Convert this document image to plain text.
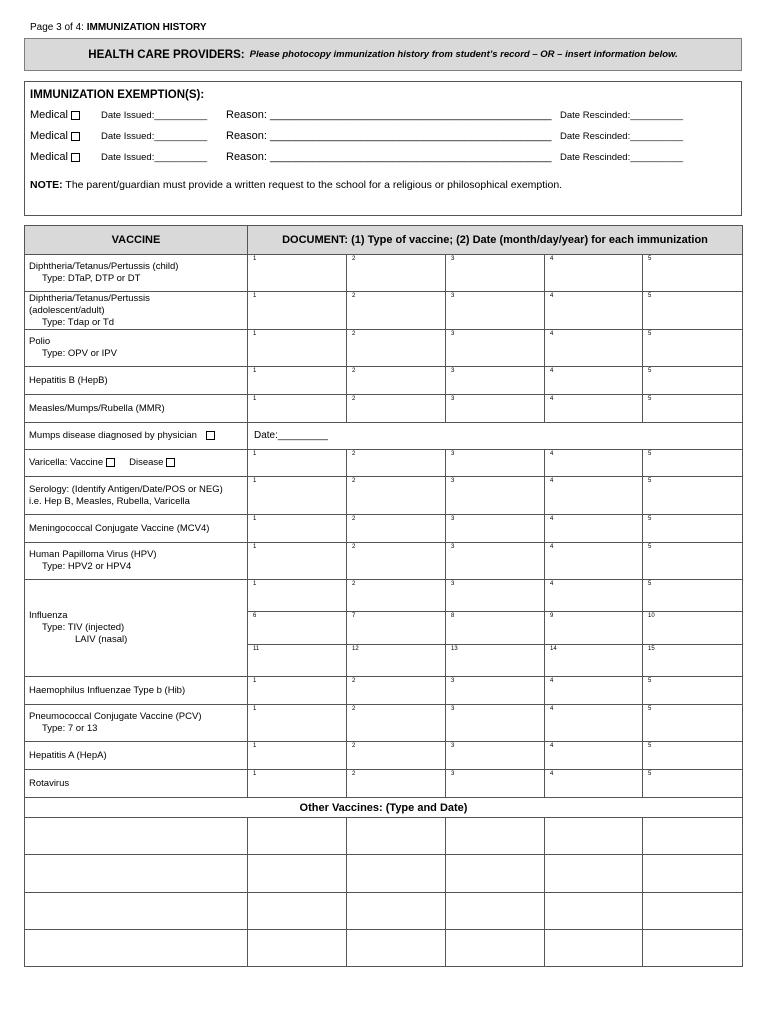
Page 3 of 4: IMMUNIZATION HISTORY
HEALTH CARE PROVIDERS: Please photocopy immunization history from student’s record – OR – insert information below.
IMMUNIZATION EXEMPTION(S):
Medical	Date Issued:__________ Reason: ______________________________________________ Date Rescinded:__________
Medical	Date Issued:__________ Reason: ______________________________________________ Date Rescinded:__________
Medical	Date Issued:__________ Reason: ______________________________________________ Date Rescinded:__________
NOTE: The parent/guardian must provide a written request to the school for a religious or philosophical exemption.
VACCINE	DOCUMENT: (1) Type of vaccine; (2) Date (month/day/year) for each immunization				

Diphtheria/Tetanus/Pertussis (child)
Type: DTaP, DTP or DT	1	2	3	4	5

Diphtheria/Tetanus/Pertussis
(adolescent/adult)
Type: Tdap or Td	1	2	3	4	5

Polio
Type: OPV or IPV	1	2	3	4	5

Hepatitis B (HepB)	1	2	3	4	5

Measles/Mumps/Rubella (MMR)	1	2	3	4	5
Mumps disease diagnosed by physician	Date:_________				
Varicella: Vaccine Disease	1	2	3	4	5

Serology: (Identify Antigen/Date/POS or NEG)
i.e. Hep B, Measles, Rubella, Varicella	1	2	3	4	5

Meningococcal Conjugate Vaccine (MCV4)	1	2	3	4	5

Human Papilloma Virus (HPV)
Type: HPV2 or HPV4	1	2	3	4	5

Influenza
Type: TIV (injected)
LAIV (nasal)	1	2	3	4	5
	6	7	8	9	10
	11	12	13	14	15

Haemophilus Influenzae Type b (Hib)	1	2	3	4	5

Pneumococcal Conjugate Vaccine (PCV)
Type: 7 or 13	1	2	3	4	5

Hepatitis A (HepA)	1	2	3	4	5

Rotavirus	1	2	3	4	5
Other Vaccines: (Type and Date)					
